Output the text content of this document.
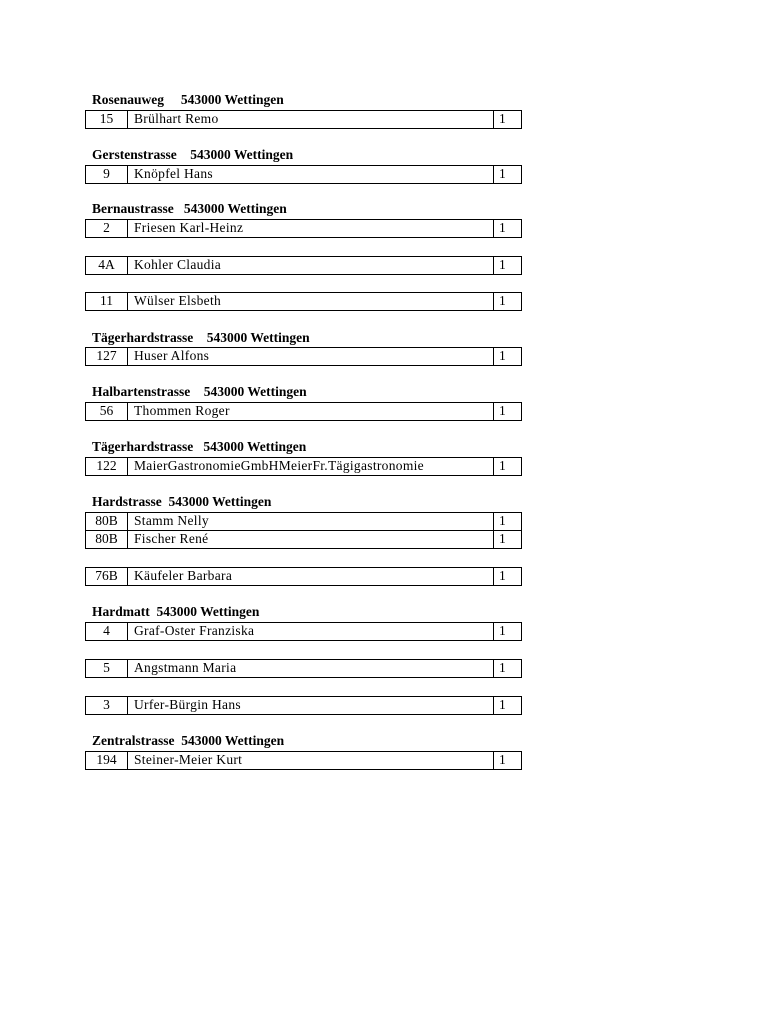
Rosenauweg     543000 Wettingen
15	Brülhart Remo	1
Gerstenstrasse    543000 Wettingen
9	Knöpfel Hans	1
Bernaustrasse   543000 Wettingen
2	Friesen Karl-Heinz	1
4A	Kohler Claudia	1
11	Wülser Elsbeth	1
Tägerhardstrasse    543000 Wettingen
127	Huser Alfons	1
Halbartenstrasse    543000 Wettingen
56	Thommen Roger	1
Tägerhardstrasse   543000 Wettingen
122	MaierGastronomieGmbHMeierFr.Tägigastronomie	1
Hardstrasse  543000 Wettingen
80B	Stamm Nelly	1
80B	Fischer René	1
76B	Käufeler Barbara	1
Hardmatt  543000 Wettingen
4	Graf-Oster Franziska	1
5	Angstmann Maria	1
3	Urfer-Bürgin Hans	1
Zentralstrasse  543000 Wettingen
194	Steiner-Meier Kurt	1
